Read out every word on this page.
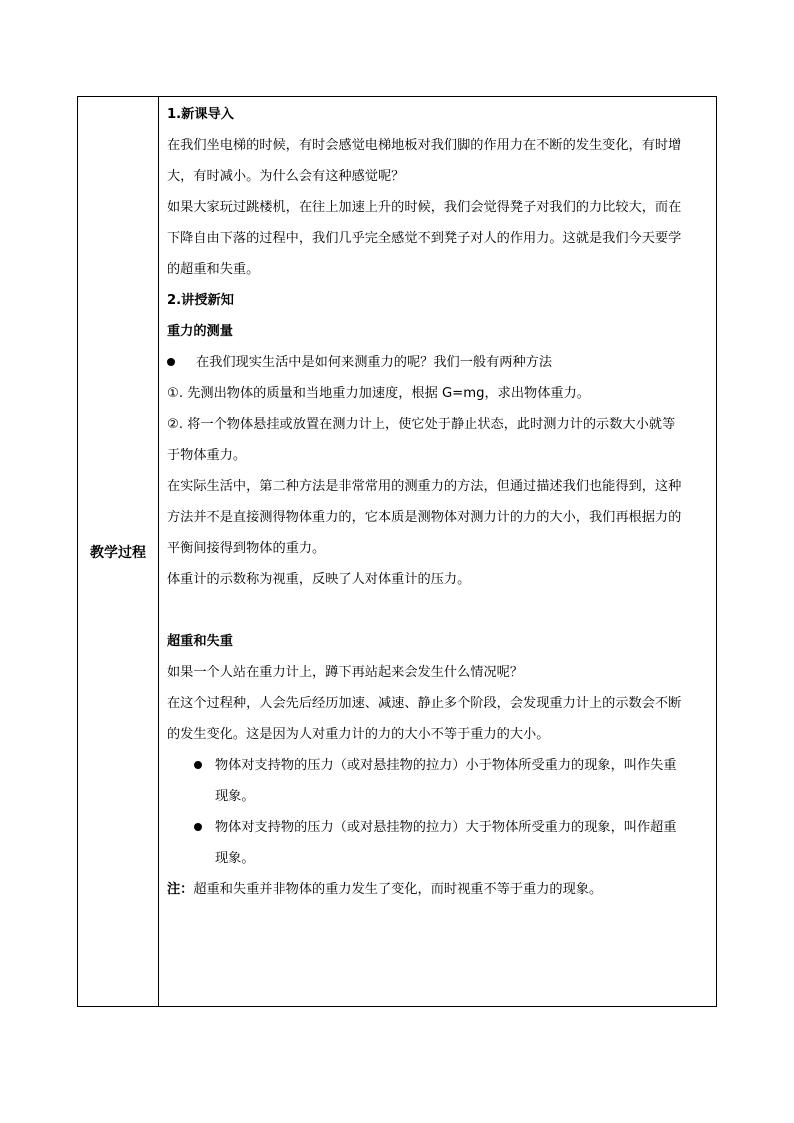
教学过程
1.新课导入
在我们坐电梯的时候，有时会感觉电梯地板对我们脚的作用力在不断的发生变化，有时增
大，有时减小。为什么会有这种感觉呢？
如果大家玩过跳楼机，在往上加速上升的时候，我们会觉得凳子对我们的力比较大，而在
下降自由下落的过程中，我们几乎完全感觉不到凳子对人的作用力。这就是我们今天要学
的超重和失重。
2.讲授新知
重力的测量
在我们现实生活中是如何来测重力的呢？我们一般有两种方法
①. 先测出物体的质量和当地重力加速度，根据 G=mg，求出物体重力。
②. 将一个物体悬挂或放置在测力计上，使它处于静止状态，此时测力计的示数大小就等
于物体重力。
在实际生活中，第二种方法是非常常用的测重力的方法，但通过描述我们也能得到，这种
方法并不是直接测得物体重力的，它本质是测物体对测力计的力的大小，我们再根据力的
平衡间接得到物体的重力。
体重计的示数称为视重，反映了人对体重计的压力。
超重和失重
如果一个人站在重力计上，蹲下再站起来会发生什么情况呢？
在这个过程种，人会先后经历加速、减速、静止多个阶段，会发现重力计上的示数会不断
的发生变化。这是因为人对重力计的力的大小不等于重力的大小。
物体对支持物的压力（或对悬挂物的拉力）小于物体所受重力的现象，叫作失重
现象。
物体对支持物的压力（或对悬挂物的拉力）大于物体所受重力的现象，叫作超重
现象。
注：超重和失重并非物体的重力发生了变化，而时视重不等于重力的现象。
